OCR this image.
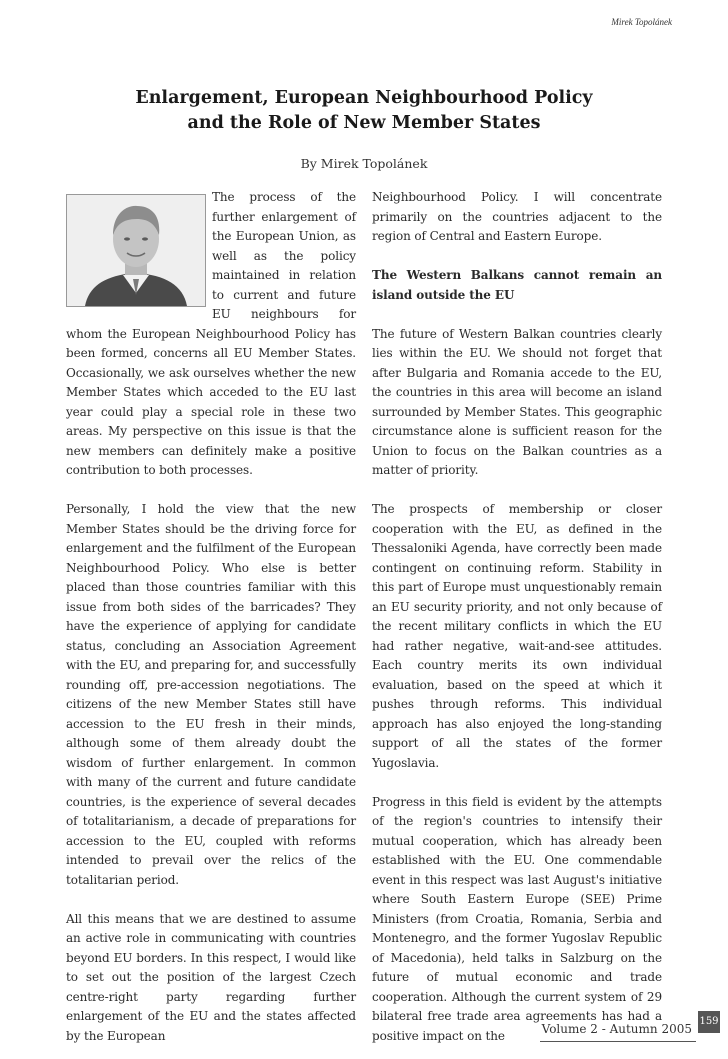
Mirek Topolánek

Enlargement, European Neighbourhood Policy
and the Role of New Member States

By Mirek Topolánek

The process of the further enlargement of the European Union, as well as the policy maintained in relation to current and future EU neighbours for whom the European Neighbourhood Policy has been formed, concerns all EU Member States. Occasionally, we ask ourselves whether the new Member States which acceded to the EU last year could play a special role in these two areas. My perspective on this issue is that the new members can definitely make a positive contribution to both processes.

Personally, I hold the view that the new Member States should be the driving force for enlargement and the fulfilment of the European Neighbourhood Policy. Who else is better placed than those countries familiar with this issue from both sides of the barricades? They have the experience of applying for candidate status, concluding an Association Agreement with the EU, and preparing for, and successfully rounding off, pre-accession negotiations. The citizens of the new Member States still have accession to the EU fresh in their minds, although some of them already doubt the wisdom of further enlargement. In common with many of the current and future candidate countries, is the experience of several decades of totalitarianism, a decade of preparations for accession to the EU, coupled with reforms intended to prevail over the relics of the totalitarian period.

All this means that we are destined to assume an active role in communicating with countries beyond EU borders. In this respect, I would like to set out the position of the largest Czech centre-right party regarding further enlargement of the EU and the states affected by the European

Neighbourhood Policy. I will concentrate primarily on the countries adjacent to the region of Central and Eastern Europe.

The Western Balkans cannot remain an island outside the EU

The future of Western Balkan countries clearly lies within the EU. We should not forget that after Bulgaria and Romania accede to the EU, the countries in this area will become an island surrounded by Member States. This geographic circumstance alone is sufficient reason for the Union to focus on the Balkan countries as a matter of priority.

The prospects of membership or closer cooperation with the EU, as defined in the Thessaloniki Agenda, have correctly been made contingent on continuing reform. Stability in this part of Europe must unquestionably remain an EU security priority, and not only because of the recent military conflicts in which the EU had rather negative, wait-and-see attitudes. Each country merits its own individual evaluation, based on the speed at which it pushes through reforms. This individual approach has also enjoyed the long-standing support of all the states of the former Yugoslavia.

Progress in this field is evident by the attempts of the region's countries to intensify their mutual cooperation, which has already been established with the EU. One commendable event in this respect was last August's initiative where South Eastern Europe (SEE) Prime Ministers (from Croatia, Romania, Serbia and Montenegro, and the former Yugoslav Republic of Macedonia), held talks in Salzburg on the future of mutual economic and trade cooperation. Although the current system of 29 bilateral free trade area agreements has had a positive impact on the	Volume 2 - Autumn 2005

159
